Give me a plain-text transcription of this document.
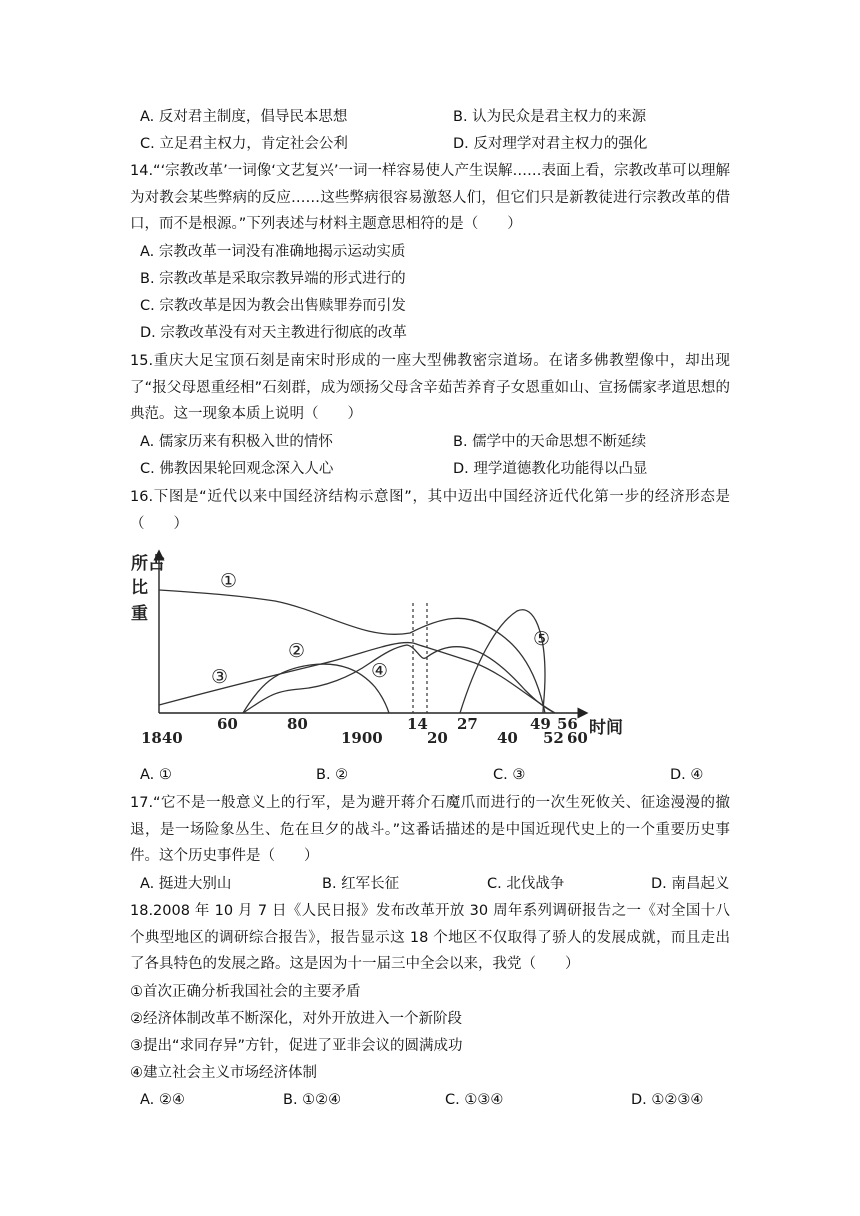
A. 反对君主制度，倡导民本思想	B. 认为民众是君主权力的来源
C. 立足君主权力，肯定社会公利	D. 反对理学对君主权力的强化
14.“‘宗教改革’一词像‘文艺复兴’一词一样容易使人产生误解……表面上看，宗教改革可以理解为对教会某些弊病的反应……这些弊病很容易激怒人们，但它们只是新教徒进行宗教改革的借口，而不是根源。”下列表述与材料主题意思相符的是（　　）
A. 宗教改革一词没有准确地揭示运动实质
B. 宗教改革是采取宗教异端的形式进行的
C. 宗教改革是因为教会出售赎罪券而引发
D. 宗教改革没有对天主教进行彻底的改革
15.重庆大足宝顶石刻是南宋时形成的一座大型佛教密宗道场。在诸多佛教塑像中，却出现了“报父母恩重经相”石刻群，成为颂扬父母含辛茹苦养育子女恩重如山、宣扬儒家孝道思想的典范。这一现象本质上说明（　　）
A. 儒家历来有积极入世的情怀	B. 儒学中的天命思想不断延续
C. 佛教因果轮回观念深入人心	D. 理学道德教化功能得以凸显
16.下图是“近代以来中国经济结构示意图”，其中迈出中国经济近代化第一步的经济形态是（　　）
所占 比 重
①
②
③	④
⑤
60	80	14 27	49 56 时间
1840	1900	20	40 52 60
A. ①	B. ②	C. ③	D. ④
17.“它不是一般意义上的行军，是为避开蒋介石魔爪而进行的一次生死攸关、征途漫漫的撤退，是一场险象丛生、危在旦夕的战斗。”这番话描述的是中国近现代史上的一个重要历史事件。这个历史事件是（　　）
A. 挺进大别山	B. 红军长征	C. 北伐战争	D. 南昌起义
18.2008 年 10 月 7 日《人民日报》发布改革开放 30 周年系列调研报告之一《对全国十八个典型地区的调研综合报告》，报告显示这 18 个地区不仅取得了骄人的发展成就，而且走出了各具特色的发展之路。这是因为十一届三中全会以来，我党（　　）
①首次正确分析我国社会的主要矛盾
②经济体制改革不断深化，对外开放进入一个新阶段
③提出“求同存异”方针，促进了亚非会议的圆满成功
④建立社会主义市场经济体制
A. ②④	B. ①②④	C. ①③④	D. ①②③④
